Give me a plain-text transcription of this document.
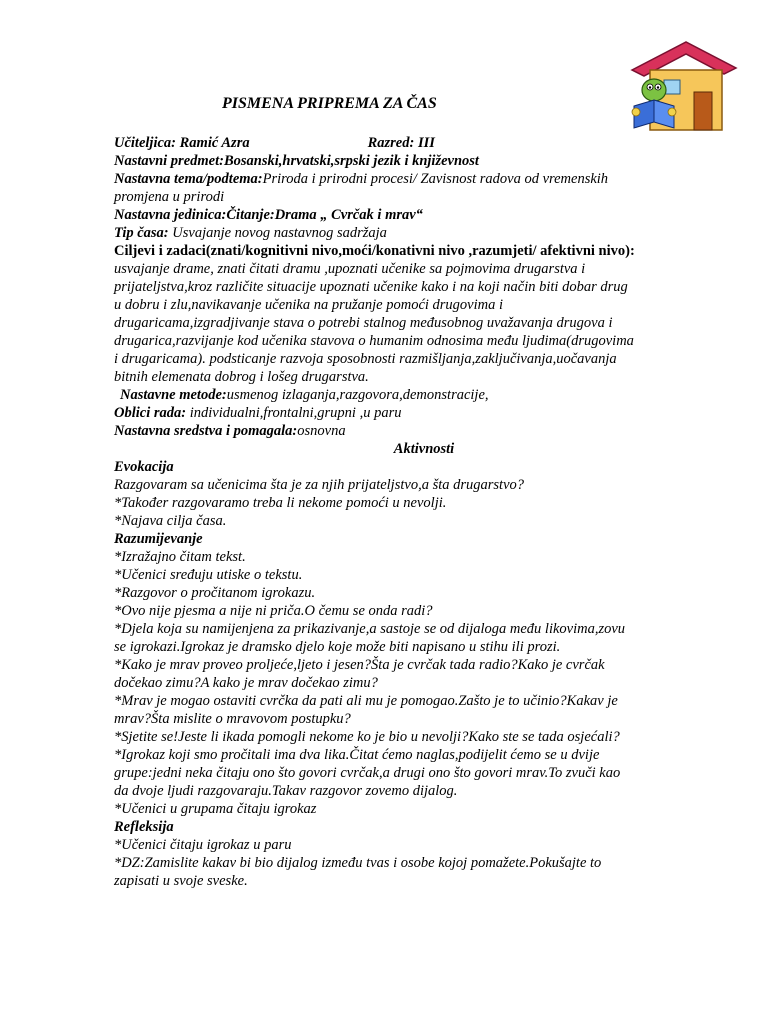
PISMENA PRIPREMA ZA ČAS
Učiteljica: Ramić Azra	Razred: III
Nastavni predmet:Bosanski,hrvatski,srpski jezik i književnost
Nastavna tema/podtema:Priroda i prirodni procesi/ Zavisnost radova od vremenskih
promjena u prirodi
Nastavna jedinica:Čitanje:Drama „ Cvrčak i mrav“
Tip časa: Usvajanje novog nastavnog sadržaja
Ciljevi i zadaci(znati/kognitivni nivo,moći/konativni nivo ,razumjeti/ afektivni nivo):
usvajanje drame, znati čitati dramu ,upoznati učenike sa pojmovima drugarstva i
prijateljstva,kroz različite situacije upoznati učenike kako i na koji način biti dobar drug
u dobru i zlu,navikavanje učenika na pružanje pomoći drugovima i
drugaricama,izgradjivanje stava o potrebi stalnog međusobnog uvažavanja drugova i
drugarica,razvijanje kod učenika stavova o humanim odnosima među ljudima(drugovima
i drugaricama). podsticanje razvoja sposobnosti razmišljanja,zaključivanja,uočavanja
bitnih elemenata dobrog i lošeg drugarstva.
Nastavne metode:usmenog izlaganja,razgovora,demonstracije,
Oblici rada: individualni,frontalni,grupni ,u paru
Nastavna sredstva i pomagala:osnovna
Aktivnosti
Evokacija
Razgovaram sa učenicima šta je za njih prijateljstvo,a šta drugarstvo?
*Također razgovaramo treba li nekome pomoći u nevolji.
*Najava cilja časa.
Razumijevanje
*Izražajno čitam tekst.
*Učenici sređuju utiske o tekstu.
*Razgovor o pročitanom igrokazu.
*Ovo nije pjesma a nije ni priča.O čemu se onda radi?
*Djela koja su namijenjena za prikazivanje,a sastoje se od dijaloga među likovima,zovu
se igrokazi.Igrokaz je dramsko djelo koje može biti napisano u stihu ili prozi.
*Kako je mrav proveo proljeće,ljeto i jesen?Šta je cvrčak tada radio?Kako je cvrčak
dočekao zimu?A kako je mrav dočekao zimu?
*Mrav je mogao ostaviti cvrčka da pati ali mu je pomogao.Zašto je to učinio?Kakav je
mrav?Šta mislite o mravovom postupku?
*Sjetite se!Jeste li ikada pomogli nekome ko je bio u nevolji?Kako ste se tada osjećali?
*Igrokaz koji smo pročitali ima dva lika.Čitat ćemo naglas,podijelit ćemo se u dvije
grupe:jedni neka čitaju ono što govori cvrčak,a drugi ono što govori mrav.To zvuči kao
da dvoje ljudi razgovaraju.Takav razgovor zovemo dijalog.
*Učenici u grupama čitaju igrokaz
Refleksija
*Učenici čitaju igrokaz u paru
*DZ:Zamislite kakav bi bio dijalog između tvas i osobe kojoj pomažete.Pokušajte to
zapisati u svoje sveske.
